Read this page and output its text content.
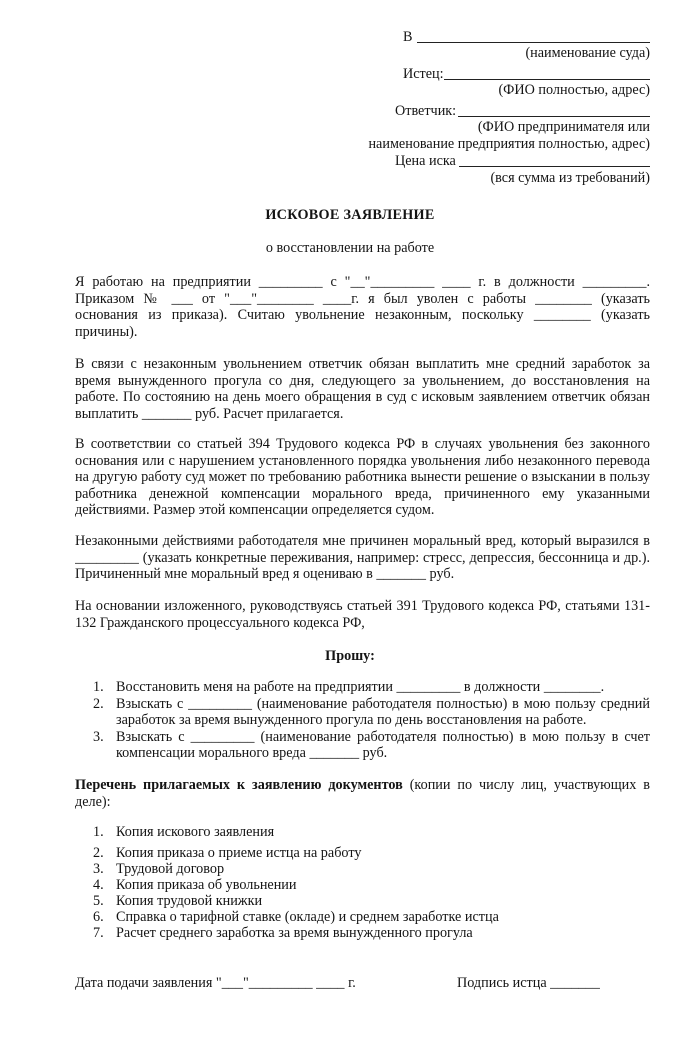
В
(наименование суда)
Истец:
(ФИО полностью, адрес)
Ответчик:
(ФИО предпринимателя или
наименование предприятия полностью, адрес)
Цена иска
(вся сумма из требований)
ИСКОВОЕ ЗАЯВЛЕНИЕ
о восстановлении на работе
Я работаю на предприятии _________ с "__"_________ ____ г. в должности _________.
Приказом № ___ от "___"________ ____г. я был уволен с работы ________ (указать
основания из приказа). Считаю увольнение незаконным, поскольку ________ (указать
причины).
В связи с незаконным увольнением ответчик обязан выплатить мне средний заработок за
время вынужденного прогула со дня, следующего за увольнением, до восстановления на
работе. По состоянию на день моего обращения в суд с исковым заявлением ответчик обязан
выплатить _______ руб. Расчет прилагается.
В соответствии со статьей 394 Трудового кодекса РФ в случаях увольнения без законного
основания или с нарушением установленного порядка увольнения либо незаконного перевода
на другую работу суд может по требованию работника вынести решение о взыскании в пользу
работника денежной компенсации морального вреда, причиненного ему указанными
действиями. Размер этой компенсации определяется судом.
Незаконными действиями работодателя мне причинен моральный вред, который выразился в
_________ (указать конкретные переживания, например: стресс, депрессия, бессонница и др.).
Причиненный мне моральный вред я оцениваю в _______ руб.
На основании изложенного, руководствуясь статьей 391 Трудового кодекса РФ, статьями 131-
132 Гражданского процессуального кодекса РФ,
Прошу:
1. Восстановить меня на работе на предприятии _________ в должности ________.
2. Взыскать с _________ (наименование работодателя полностью) в мою пользу средний
заработок за время вынужденного прогула по день восстановления на работе.
3. Взыскать с _________ (наименование работодателя полностью) в мою пользу в счет
компенсации морального вреда _______ руб.
Перечень прилагаемых к заявлению документов (копии по числу лиц, участвующих в
деле):
1. Копия искового заявления
2. Копия приказа о приеме истца на работу
3. Трудовой договор
4. Копия приказа об увольнении
5. Копия трудовой книжки
6. Справка о тарифной ставке (окладе) и среднем заработке истца
7. Расчет среднего заработка за время вынужденного прогула
Дата подачи заявления "___"_________ ____ г.	Подпись истца _______
